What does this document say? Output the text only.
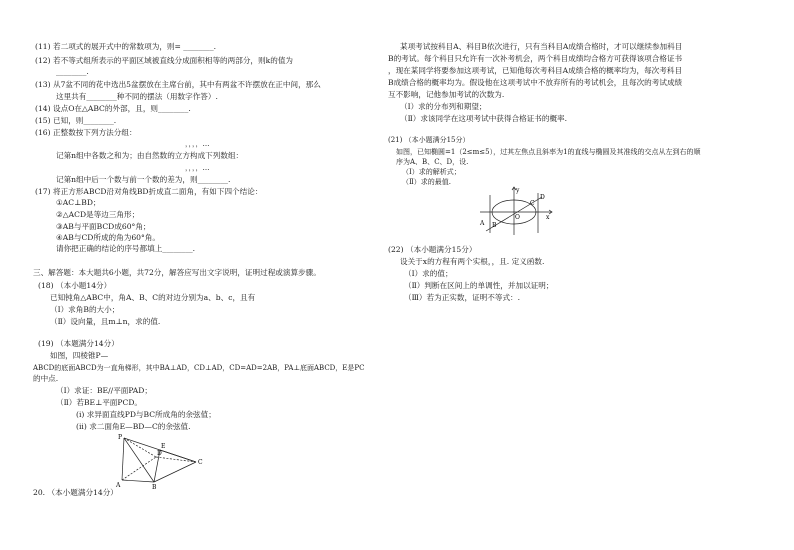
(11) 若二项式的展开式中的常数项为，则= ________.
(12) 若不等式组所表示的平面区域被直线分成面积相等的两部分，则k的值为
________.
(13) 从7盆不同的花中选出5盆摆放在主席台前，其中有两盆不许摆放在正中间，那么
这里共有________种不同的摆法（用数字作答）.
(14) 设点O在△ABC的外部，且，则________.
(15) 已知，则________.
(16) 正整数按下列方法分组：
，，，，…
记第n组中各数之和为；由自然数的立方构成下列数组：
，，，，…
记第n组中后一个数与前一个数的差为，则________.
(17) 将正方形ABCD沿对角线BD折成直二面角，有如下四个结论：
①AC⊥BD；
②△ACD是等边三角形；
③AB与平面BCD成60°角；
④AB与CD所成的角为60°角。
请你把正确的结论的序号都填上________.
三、解答题：本大题共6小题，共72分，解答应写出文字说明，证明过程或演算步骤。
(18) （本小题14分）
已知钝角△ABC中，角A、B、C的对边分别为a、b、c，且有
（Ⅰ）求角B的大小；
（Ⅱ）设向量，且m⊥n，求的值.
(19) （本题满分14分）
如图，四棱锥P—
ABCD的底面ABCD为一直角梯形，其中BA⊥AD，CD⊥AD，CD=AD=2AB，PA⊥底面ABCD，E是PC
的中点.
（Ⅰ）求证：BE//平面PAD；
（Ⅱ）若BE⊥平面PCD。
(i) 求异面直线PD与BC所成角的余弦值；
(ii) 求二面角E—BD—C的余弦值.
P
E
A	B
C
D
20. （本小题满分14分）
某项考试按科目A、科目B依次进行，只有当科目A成绩合格时，才可以继续参加科目
B的考试。每个科目只允许有一次补考机会，两个科目成绩均合格方可获得该项合格证书
，现在某同学将要参加这项考试，已知他每次考科目A成绩合格的概率均为，每次考科目
B成绩合格的概率均为。假设他在这项考试中不放弃所有的考试机会，且每次的考试成绩
互不影响，记他参加考试的次数为.
（Ⅰ）求的分布列和期望；
（Ⅱ）求该同学在这项考试中获得合格证书的概率.
(21) （本小题满分15分）
如图，已知椭圆=1（2≤m≤5），过其左焦点且斜率为1的直线与椭圆及其准线的交点从左到右的顺
序为A、B、C、D，设.
（Ⅰ）求的解析式；
（Ⅱ）求的最值.
y
x
O
A B
C
D
(22) （本小题满分15分）
设关于x的方程有两个实根，，且. 定义函数.
（Ⅰ）求的值；
（Ⅱ）判断在区间上的单调性，并加以证明；
（Ⅲ）若为正实数，证明不等式：.
